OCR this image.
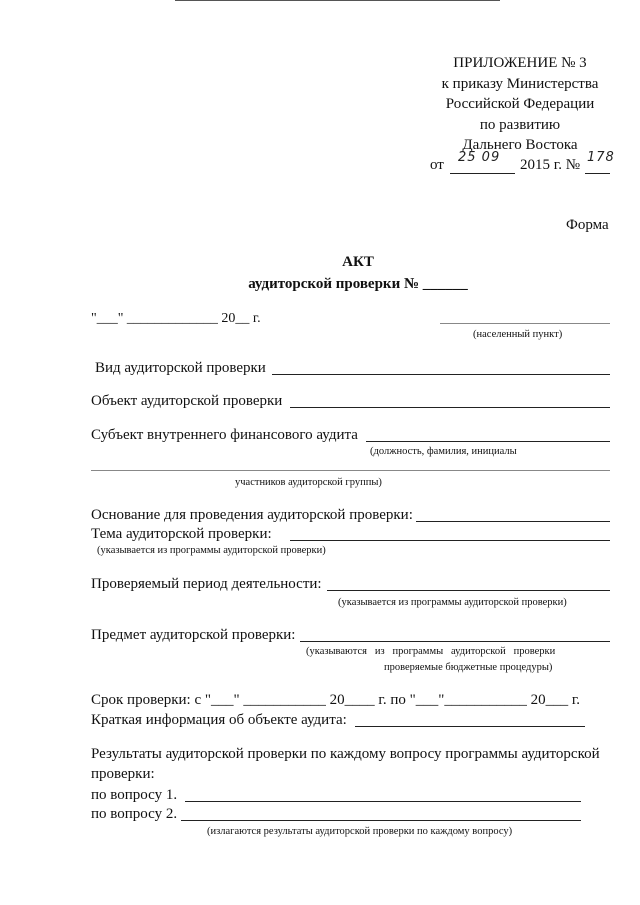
ПРИЛОЖЕНИЕ № 3
к приказу Министерства
Российской Федерации
по развитию
Дальнего Востока
от 25 09 2015 г. № 178
Форма
АКТ
аудиторской проверки № ______
"___" _____________ 20__ г.
(населенный пункт)
Вид аудиторской проверки
Объект аудиторской проверки
Субъект внутреннего финансового аудита
(должность, фамилия, инициалы
участников аудиторской группы)
Основание для проведения аудиторской проверки:
Тема аудиторской проверки:
(указывается из программы аудиторской проверки)
Проверяемый период деятельности:
(указывается из программы аудиторской проверки)
Предмет аудиторской проверки:
(указываются   из   программы   аудиторской   проверки
проверяемые бюджетные процедуры)
Срок проверки: с "___" ___________ 20____ г. по "___"___________ 20___ г.
Краткая информация об объекте аудита:
Результаты аудиторской проверки по каждому вопросу программы аудиторской
проверки:
по вопросу 1.
по вопросу 2.
(излагаются результаты аудиторской проверки по каждому вопросу)
